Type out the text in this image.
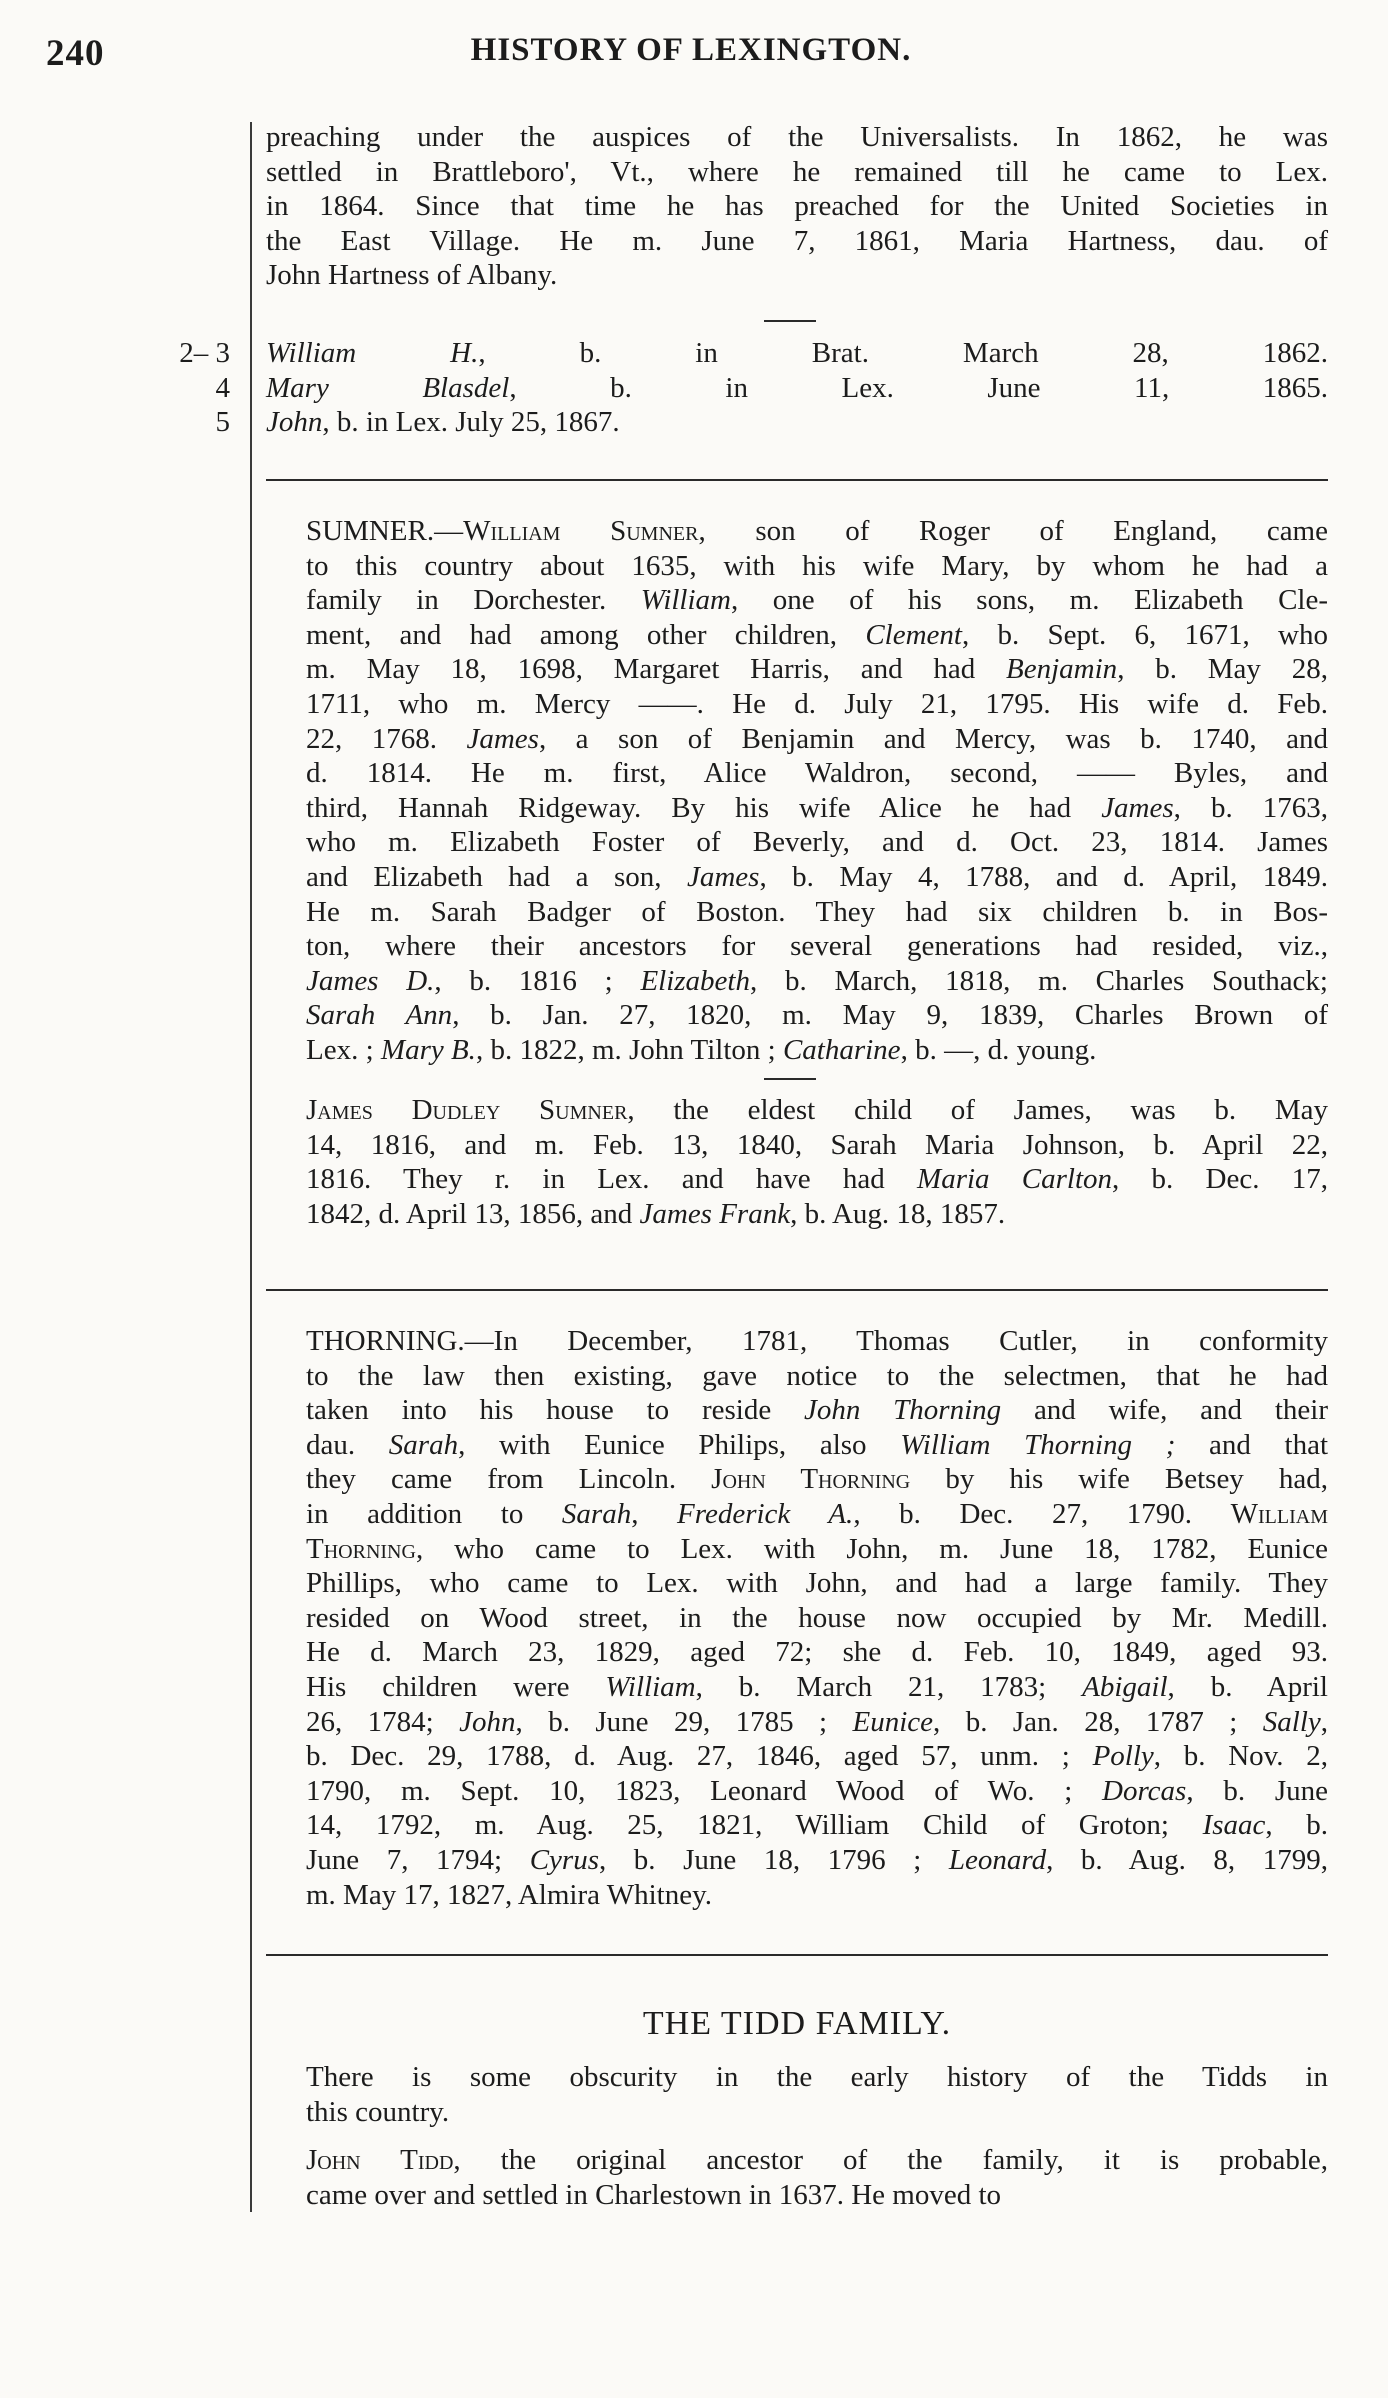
240	HISTORY OF LEXINGTON.

preaching under the auspices of the Universalists. In 1862, he was
settled in Brattleboro', Vt., where he remained till he came to Lex.
in 1864. Since that time he has preached for the United Societies in
the East Village. He m. June 7, 1861, Maria Hartness, dau. of
John Hartness of Albany.

2– 3
4
5

William H., b. in Brat. March 28, 1862.
Mary Blasdel, b. in Lex. June 11, 1865.
John, b. in Lex. July 25, 1867.

SUMNER.—William Sumner, son of Roger of England, came
to this country about 1635, with his wife Mary, by whom he had a
family in Dorchester. William, one of his sons, m. Elizabeth Cle-
ment, and had among other children, Clement, b. Sept. 6, 1671, who
m. May 18, 1698, Margaret Harris, and had Benjamin, b. May 28,
1711, who m. Mercy ——. He d. July 21, 1795. His wife d. Feb.
22, 1768. James, a son of Benjamin and Mercy, was b. 1740, and
d. 1814. He m. first, Alice Waldron, second, —— Byles, and
third, Hannah Ridgeway. By his wife Alice he had James, b. 1763,
who m. Elizabeth Foster of Beverly, and d. Oct. 23, 1814. James
and Elizabeth had a son, James, b. May 4, 1788, and d. April, 1849.
He m. Sarah Badger of Boston. They had six children b. in Bos-
ton, where their ancestors for several generations had resided, viz.,
James D., b. 1816 ; Elizabeth, b. March, 1818, m. Charles Southack;
Sarah Ann, b. Jan. 27, 1820, m. May 9, 1839, Charles Brown of
Lex. ; Mary B., b. 1822, m. John Tilton ; Catharine, b. —, d. young.

James Dudley Sumner, the eldest child of James, was b. May
14, 1816, and m. Feb. 13, 1840, Sarah Maria Johnson, b. April 22,
1816. They r. in Lex. and have had Maria Carlton, b. Dec. 17,
1842, d. April 13, 1856, and James Frank, b. Aug. 18, 1857.

THORNING.—In December, 1781, Thomas Cutler, in conformity
to the law then existing, gave notice to the selectmen, that he had
taken into his house to reside John Thorning and wife, and their
dau. Sarah, with Eunice Philips, also William Thorning ; and that
they came from Lincoln. John Thorning by his wife Betsey had,
in addition to Sarah, Frederick A., b. Dec. 27, 1790. William
Thorning, who came to Lex. with John, m. June 18, 1782, Eunice
Phillips, who came to Lex. with John, and had a large family. They
resided on Wood street, in the house now occupied by Mr. Medill.
He d. March 23, 1829, aged 72; she d. Feb. 10, 1849, aged 93.
His children were William, b. March 21, 1783; Abigail, b. April
26, 1784; John, b. June 29, 1785 ; Eunice, b. Jan. 28, 1787 ; Sally,
b. Dec. 29, 1788, d. Aug. 27, 1846, aged 57, unm. ; Polly, b. Nov. 2,
1790, m. Sept. 10, 1823, Leonard Wood of Wo. ; Dorcas, b. June
14, 1792, m. Aug. 25, 1821, William Child of Groton; Isaac, b.
June 7, 1794; Cyrus, b. June 18, 1796 ; Leonard, b. Aug. 8, 1799,
m. May 17, 1827, Almira Whitney.

THE TIDD FAMILY.

There is some obscurity in the early history of the Tidds in
this country.

John Tidd, the original ancestor of the family, it is probable,
came over and settled in Charlestown in 1637. He moved to
